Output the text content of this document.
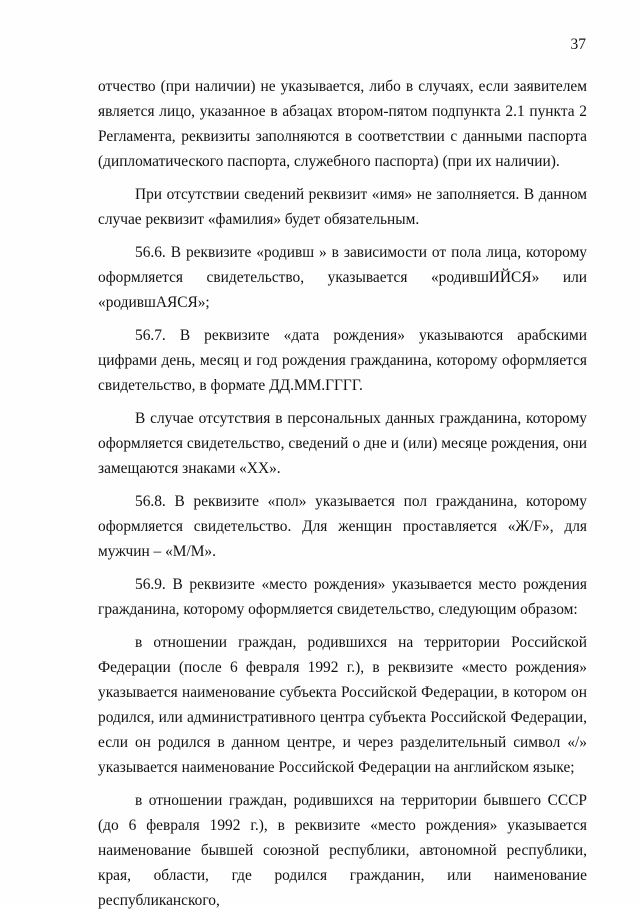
37

отчество (при наличии) не указывается, либо в случаях, если заявителем является лицо, указанное в абзацах втором-пятом подпункта 2.1 пункта 2 Регламента, реквизиты заполняются в соответствии с данными паспорта (дипломатического паспорта, служебного паспорта) (при их наличии).

При отсутствии сведений реквизит «имя» не заполняется. В данном случае реквизит «фамилия» будет обязательным.

56.6. В реквизите «родивш » в зависимости от пола лица, которому оформляется свидетельство, указывается «родившИЙСЯ» или «родившАЯСЯ»;

56.7. В реквизите «дата рождения» указываются арабскими цифрами день, месяц и год рождения гражданина, которому оформляется свидетельство, в формате ДД.ММ.ГГГГ.

В случае отсутствия в персональных данных гражданина, которому оформляется свидетельство, сведений о дне и (или) месяце рождения, они замещаются знаками «ХХ».

56.8. В реквизите «пол» указывается пол гражданина, которому оформляется свидетельство. Для женщин проставляется «Ж/F», для мужчин – «М/М».

56.9. В реквизите «место рождения» указывается место рождения гражданина, которому оформляется свидетельство, следующим образом:

в отношении граждан, родившихся на территории Российской Федерации (после 6 февраля 1992 г.), в реквизите «место рождения» указывается наименование субъекта Российской Федерации, в котором он родился, или административного центра субъекта Российской Федерации, если он родился в данном центре, и через разделительный символ «/» указывается наименование Российской Федерации на английском языке;

в отношении граждан, родившихся на территории бывшего СССР (до 6 февраля 1992 г.), в реквизите «место рождения» указывается наименование бывшей союзной республики, автономной республики, края, области, где родился гражданин, или наименование республиканского,
